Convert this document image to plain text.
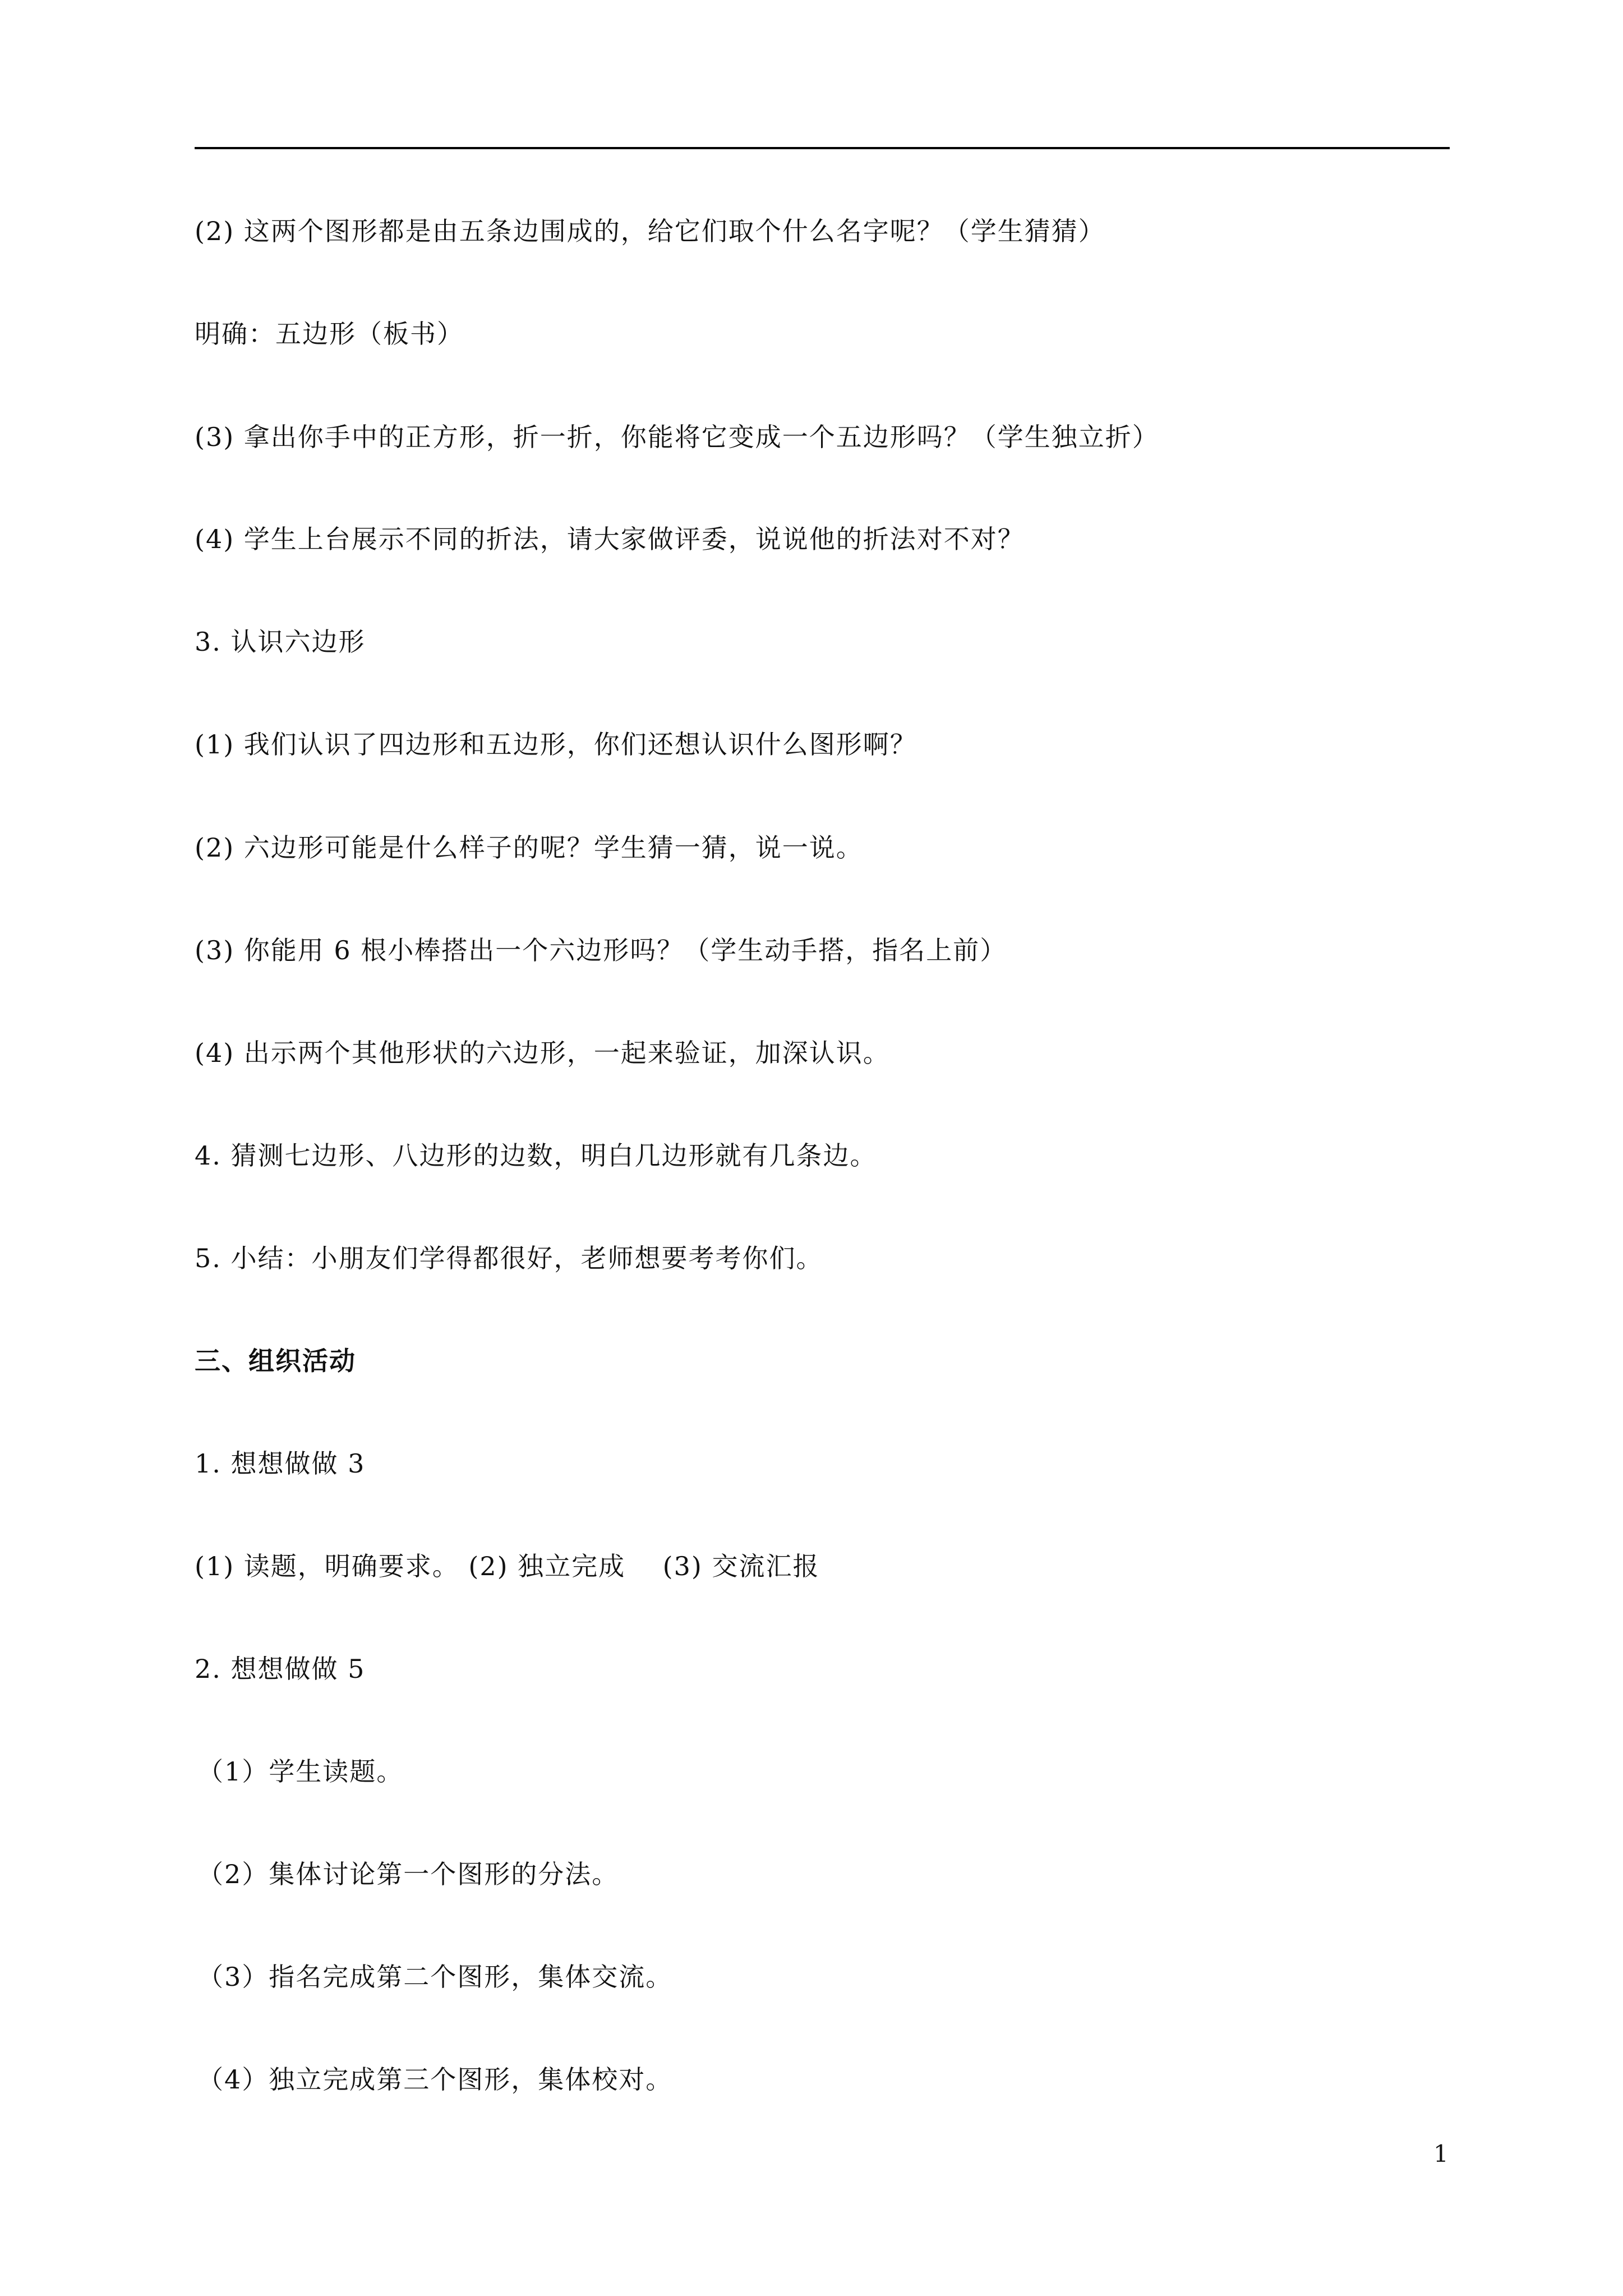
(2) 这两个图形都是由五条边围成的，给它们取个什么名字呢？（学生猜猜）
明确：五边形（板书）
(3) 拿出你手中的正方形，折一折，你能将它变成一个五边形吗？（学生独立折）
(4) 学生上台展示不同的折法，请大家做评委，说说他的折法对不对？
3. 认识六边形
(1) 我们认识了四边形和五边形，你们还想认识什么图形啊？
(2) 六边形可能是什么样子的呢？学生猜一猜，说一说。
(3) 你能用 6 根小棒搭出一个六边形吗？（学生动手搭，指名上前）
(4) 出示两个其他形状的六边形，一起来验证，加深认识。
4. 猜测七边形、八边形的边数，明白几边形就有几条边。
5. 小结：小朋友们学得都很好，老师想要考考你们。
三、组织活动
1. 想想做做 3
(1) 读题，明确要求。 (2) 独立完成    (3) 交流汇报
2. 想想做做 5
（1）学生读题。
（2）集体讨论第一个图形的分法。
（3）指名完成第二个图形，集体交流。
（4）独立完成第三个图形，集体校对。
1
